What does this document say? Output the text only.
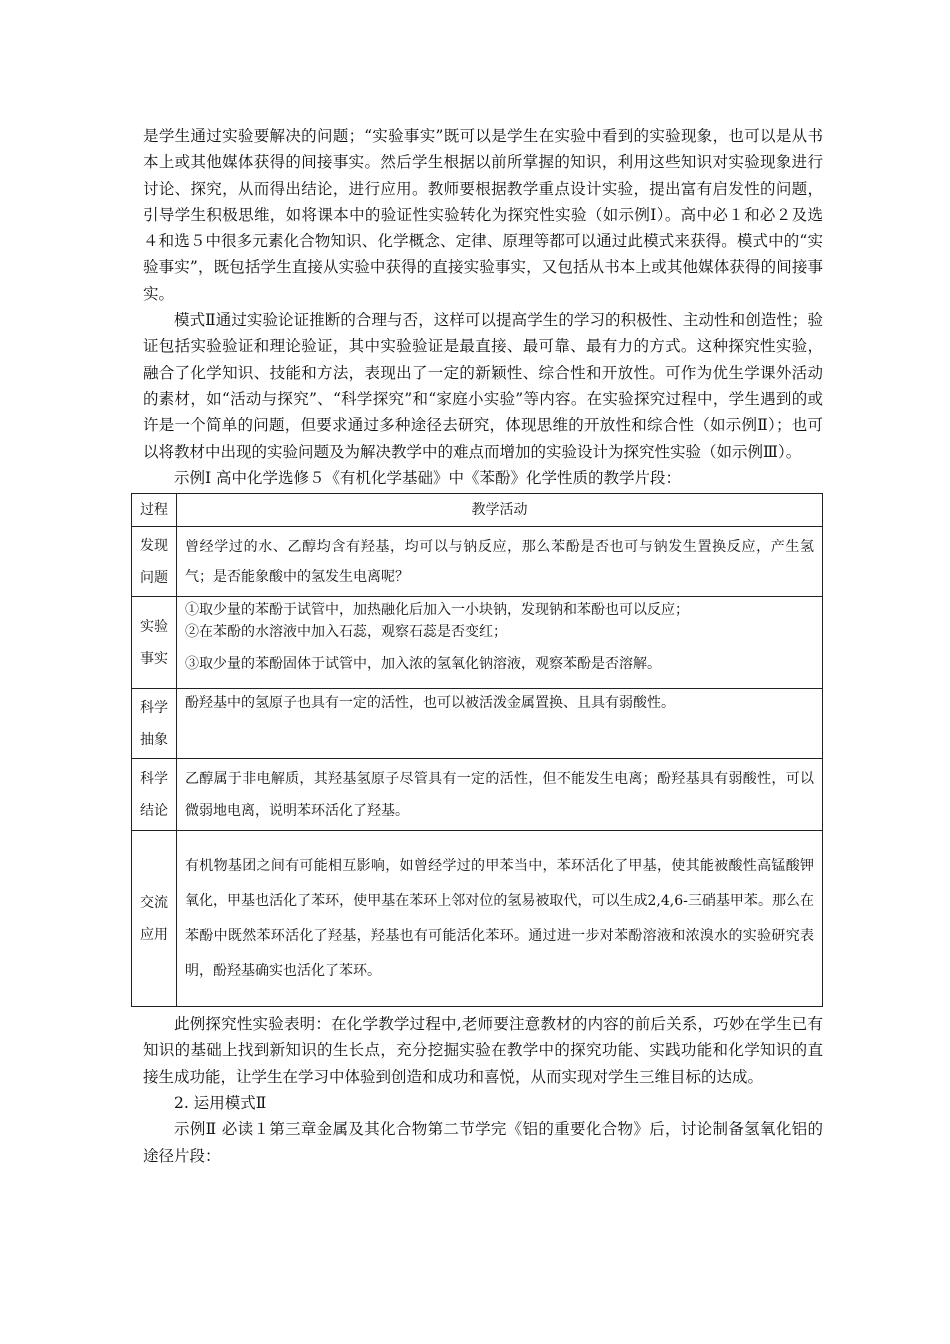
是学生通过实验要解决的问题；“实验事实”既可以是学生在实验中看到的实验现象，也可以是从书本上或其他媒体获得的间接事实。然后学生根据以前所掌握的知识，利用这些知识对实验现象进行讨论、探究，从而得出结论，进行应用。教师要根据教学重点设计实验，提出富有启发性的问题，引导学生积极思维，如将课本中的验证性实验转化为探究性实验（如示例Ⅰ）。高中必１和必２及选４和选５中很多元素化合物知识、化学概念、定律、原理等都可以通过此模式来获得。模式中的“实验事实”，既包括学生直接从实验中获得的直接实验事实，又包括从书本上或其他媒体获得的间接事实。

模式Ⅱ通过实验论证推断的合理与否，这样可以提高学生的学习的积极性、主动性和创造性；验证包括实验验证和理论验证，其中实验验证是最直接、最可靠、最有力的方式。这种探究性实验，融合了化学知识、技能和方法，表现出了一定的新颖性、综合性和开放性。可作为优生学课外活动的素材，如“活动与探究”、“科学探究”和“家庭小实验”等内容。在实验探究过程中，学生遇到的或许是一个简单的问题，但要求通过多种途径去研究，体现思维的开放性和综合性（如示例Ⅱ）；也可以将教材中出现的实验问题及为解决教学中的难点而增加的实验设计为探究性实验（如示例Ⅲ）。

示例Ⅰ 高中化学选修５《有机化学基础》中《苯酚》化学性质的教学片段：

过程	教学活动
发现问题	曾经学过的水、乙醇均含有羟基，均可以与钠反应，那么苯酚是否也可与钠发生置换反应，产生氢气；是否能象酸中的氢发生电离呢？
实验事实	①取少量的苯酚于试管中，加热融化后加入一小块钠，发现钠和苯酚也可以反应；
②在苯酚的水溶液中加入石蕊，观察石蕊是否变红；
③取少量的苯酚固体于试管中，加入浓的氢氧化钠溶液，观察苯酚是否溶解。

科学抽象	酚羟基中的氢原子也具有一定的活性，也可以被活泼金属置换、且具有弱酸性。
科学结论	乙醇属于非电解质，其羟基氢原子尽管具有一定的活性，但不能发生电离；酚羟基具有弱酸性，可以微弱地电离，说明苯环活化了羟基。
交流应用	有机物基团之间有可能相互影响，如曾经学过的甲苯当中，苯环活化了甲基，使其能被酸性高锰酸钾氧化，甲基也活化了苯环，使甲基在苯环上邻对位的氢易被取代，可以生成2,4,6-三硝基甲苯。那么在苯酚中既然苯环活化了羟基，羟基也有可能活化苯环。通过进一步对苯酚溶液和浓溴水的实验研究表明，酚羟基确实也活化了苯环。

此例探究性实验表明：在化学教学过程中,老师要注意教材的内容的前后关系，巧妙在学生已有知识的基础上找到新知识的生长点，充分挖掘实验在教学中的探究功能、实践功能和化学知识的直接生成功能，让学生在学习中体验到创造和成功和喜悦，从而实现对学生三维目标的达成。

2. 运用模式Ⅱ

示例Ⅱ 必读１第三章金属及其化合物第二节学完《铝的重要化合物》后，讨论制备氢氧化铝的途径片段：
